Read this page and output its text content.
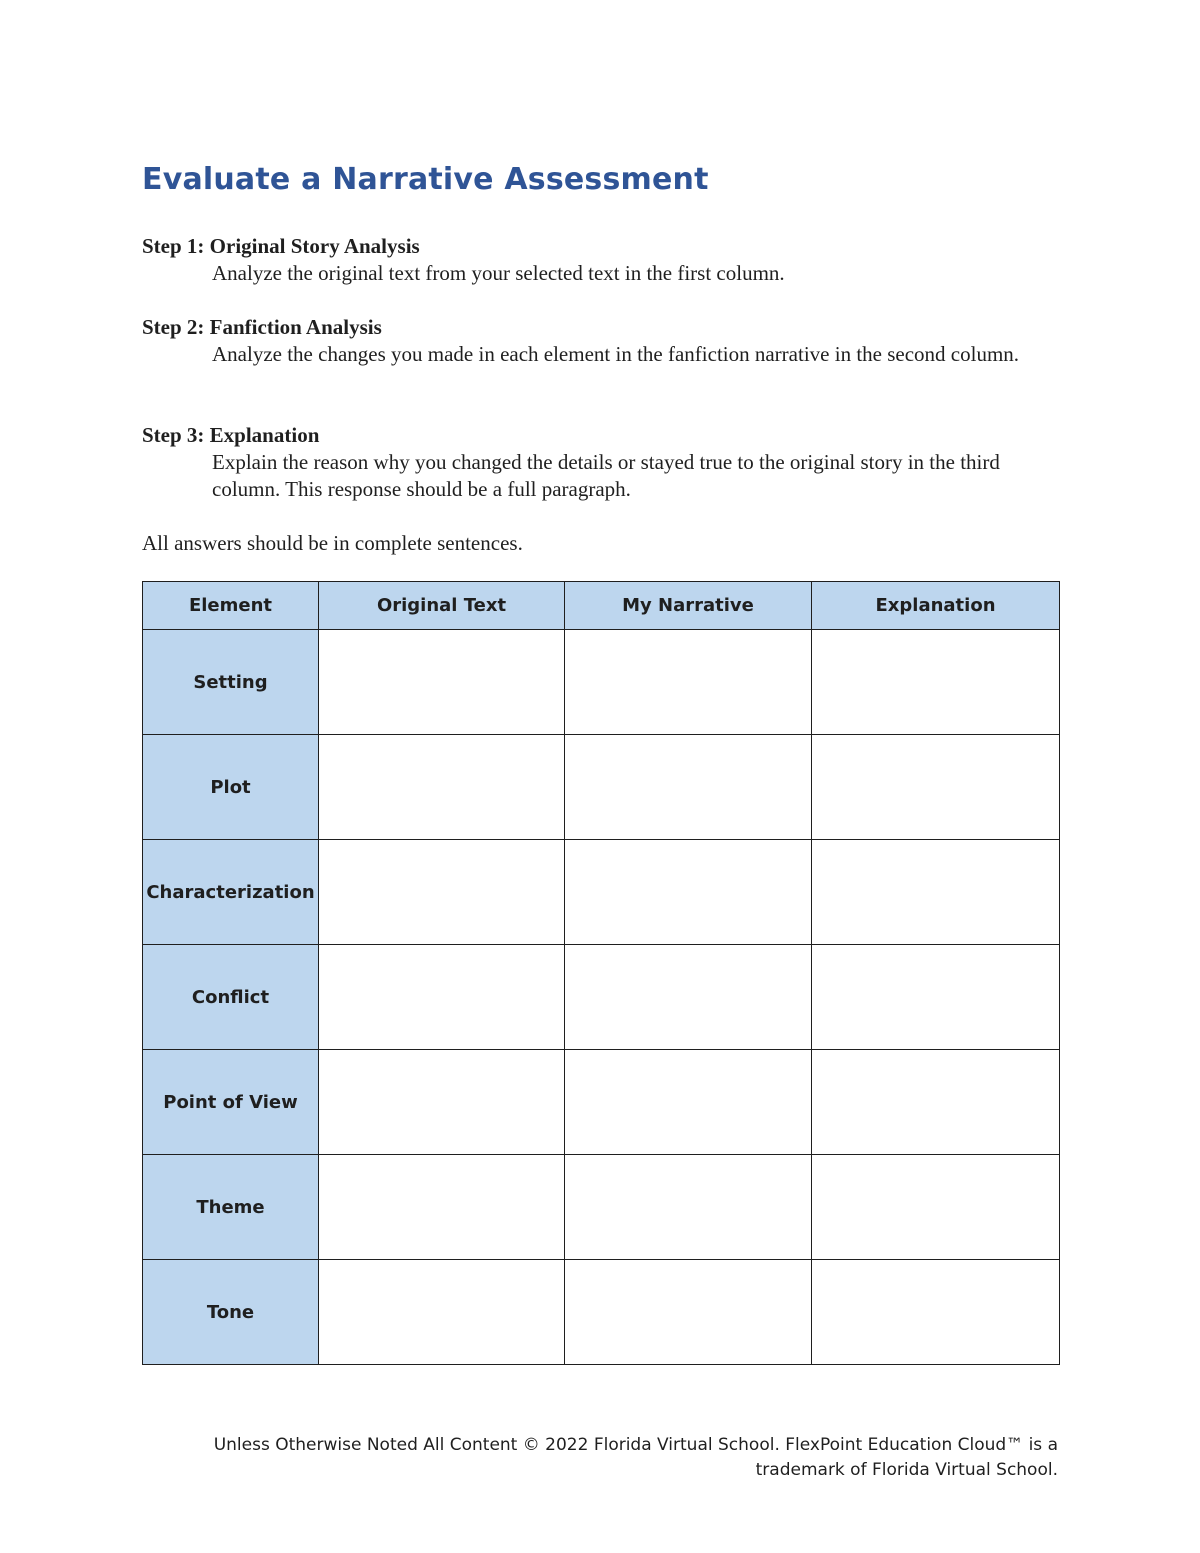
Evaluate a Narrative Assessment

Step 1: Original Story Analysis

Analyze the original text from your selected text in the first column.

Step 2: Fanfiction Analysis

Analyze the changes you made in each element in the fanfiction narrative in the second column.

Step 3: Explanation

Explain the reason why you changed the details or stayed true to the original story in the third column. This response should be a full paragraph.

All answers should be in complete sentences.

Element	Original Text	My Narrative	Explanation
Setting			
Plot			
Characterization			
Conflict			
Point of View			
Theme			
Tone			

Unless Otherwise Noted All Content © 2022 Florida Virtual School. FlexPoint Education Cloud™ is a trademark of Florida Virtual School.
